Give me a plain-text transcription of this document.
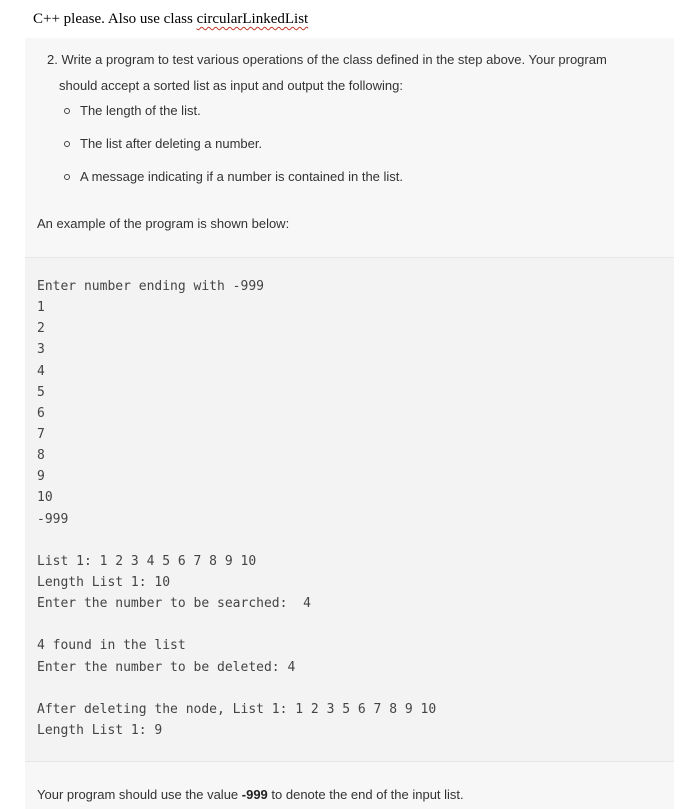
C++ please. Also use class circularLinkedList
2. Write a program to test various operations of the class defined in the step above. Your program
should accept a sorted list as input and output the following:
The length of the list.
The list after deleting a number.
A message indicating if a number is contained in the list.
An example of the program is shown below:
Enter number ending with -999
1
2
3
4
5
6
7
8
9
10
-999
List 1: 1 2 3 4 5 6 7 8 9 10
Length List 1: 10
Enter the number to be searched:  4
4 found in the list
Enter the number to be deleted: 4
After deleting the node, List 1: 1 2 3 5 6 7 8 9 10
Length List 1: 9
Your program should use the value -999 to denote the end of the input list.
